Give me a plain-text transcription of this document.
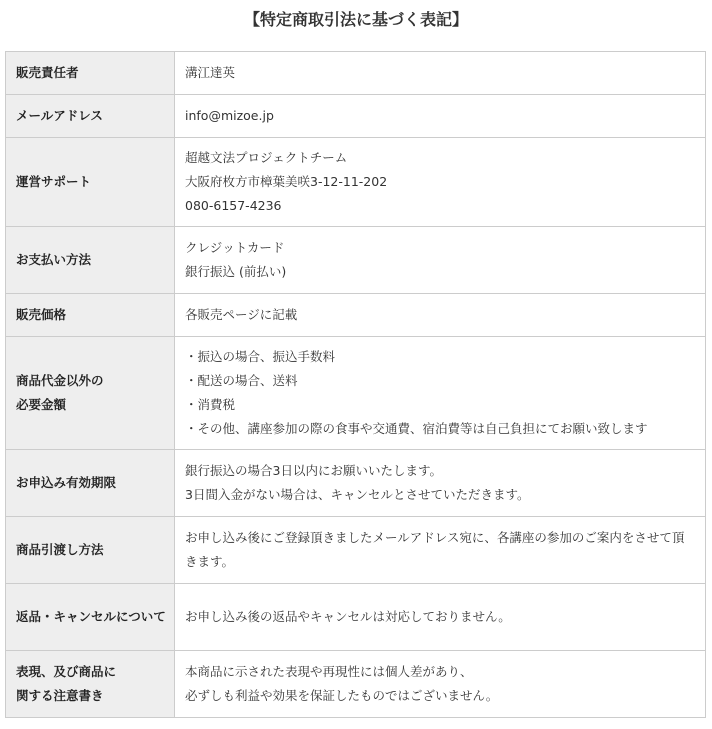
【特定商取引法に基づく表記】
販売責任者	溝江達英

メールアドレス	info@mizoe.jp

運営サポート	超越文法プロジェクトチーム
大阪府枚方市樟葉美咲3-12-11-202
080-6157-4236

お支払い方法	クレジットカード
銀行振込 (前払い)

販売価格	各販売ページに記載

商品代金以外の
必要金額	・振込の場合、振込手数料
・配送の場合、送料
・消費税
・その他、講座参加の際の食事や交通費、宿泊費等は自己負担にてお願い致します

お申込み有効期限	銀行振込の場合3日以内にお願いいたします。
3日間入金がない場合は、キャンセルとさせていただきます。

商品引渡し方法	お申し込み後にご登録頂きましたメールアドレス宛に、各講座の参加のご案内をさせて頂きます。

返品・キャンセルについて	お申し込み後の返品やキャンセルは対応しておりません。

表現、及び商品に
関する注意書き	本商品に示された表現や再現性には個人差があり、
必ずしも利益や効果を保証したものではございません。
